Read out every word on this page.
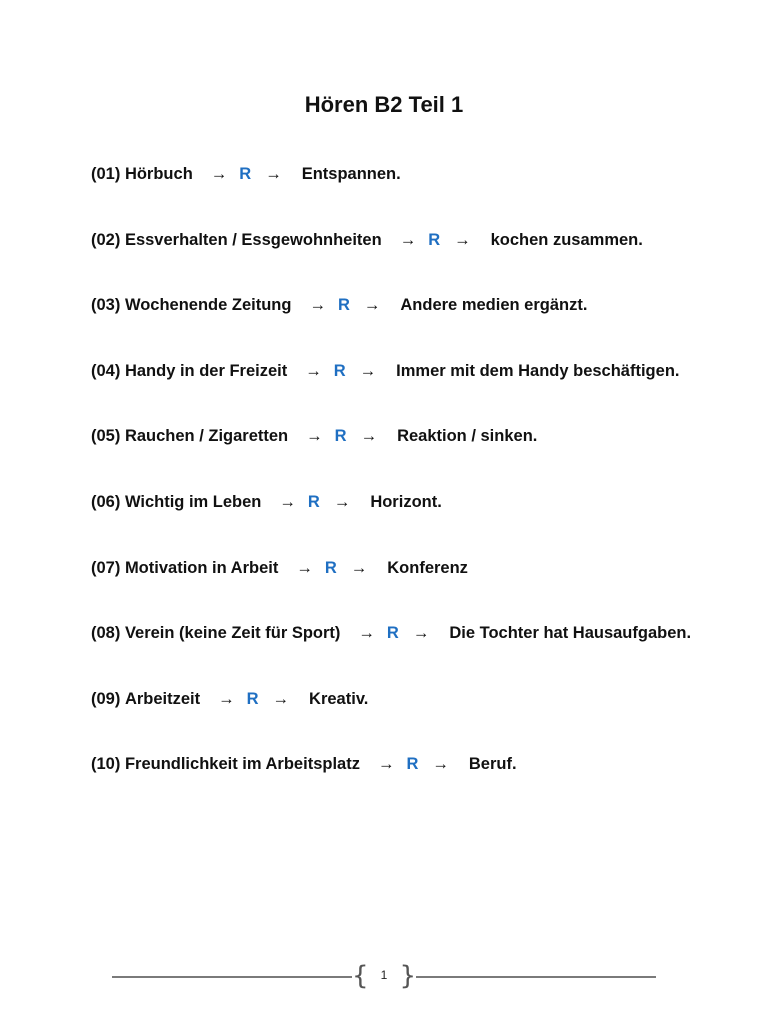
Hören B2 Teil 1
(01)
Hörbuch → R → Entspannen.
(02)
Essverhalten / Essgewohnheiten → R → kochen zusammen.
(03)
Wochenende Zeitung → R → Andere medien ergänzt.
(04)
Handy in der Freizeit → R → Immer mit dem Handy beschäftigen.
(05)
Rauchen / Zigaretten → R → Reaktion / sinken.
(06)
Wichtig im Leben → R → Horizont.
(07)
Motivation in Arbeit → R → Konferenz
(08)
Verein (keine Zeit für Sport) → R → Die Tochter hat Hausaufgaben.
(09)
Arbeitzeit → R → Kreativ.
(10)
Freundlichkeit im Arbeitsplatz → R → Beruf.
{	1 }
